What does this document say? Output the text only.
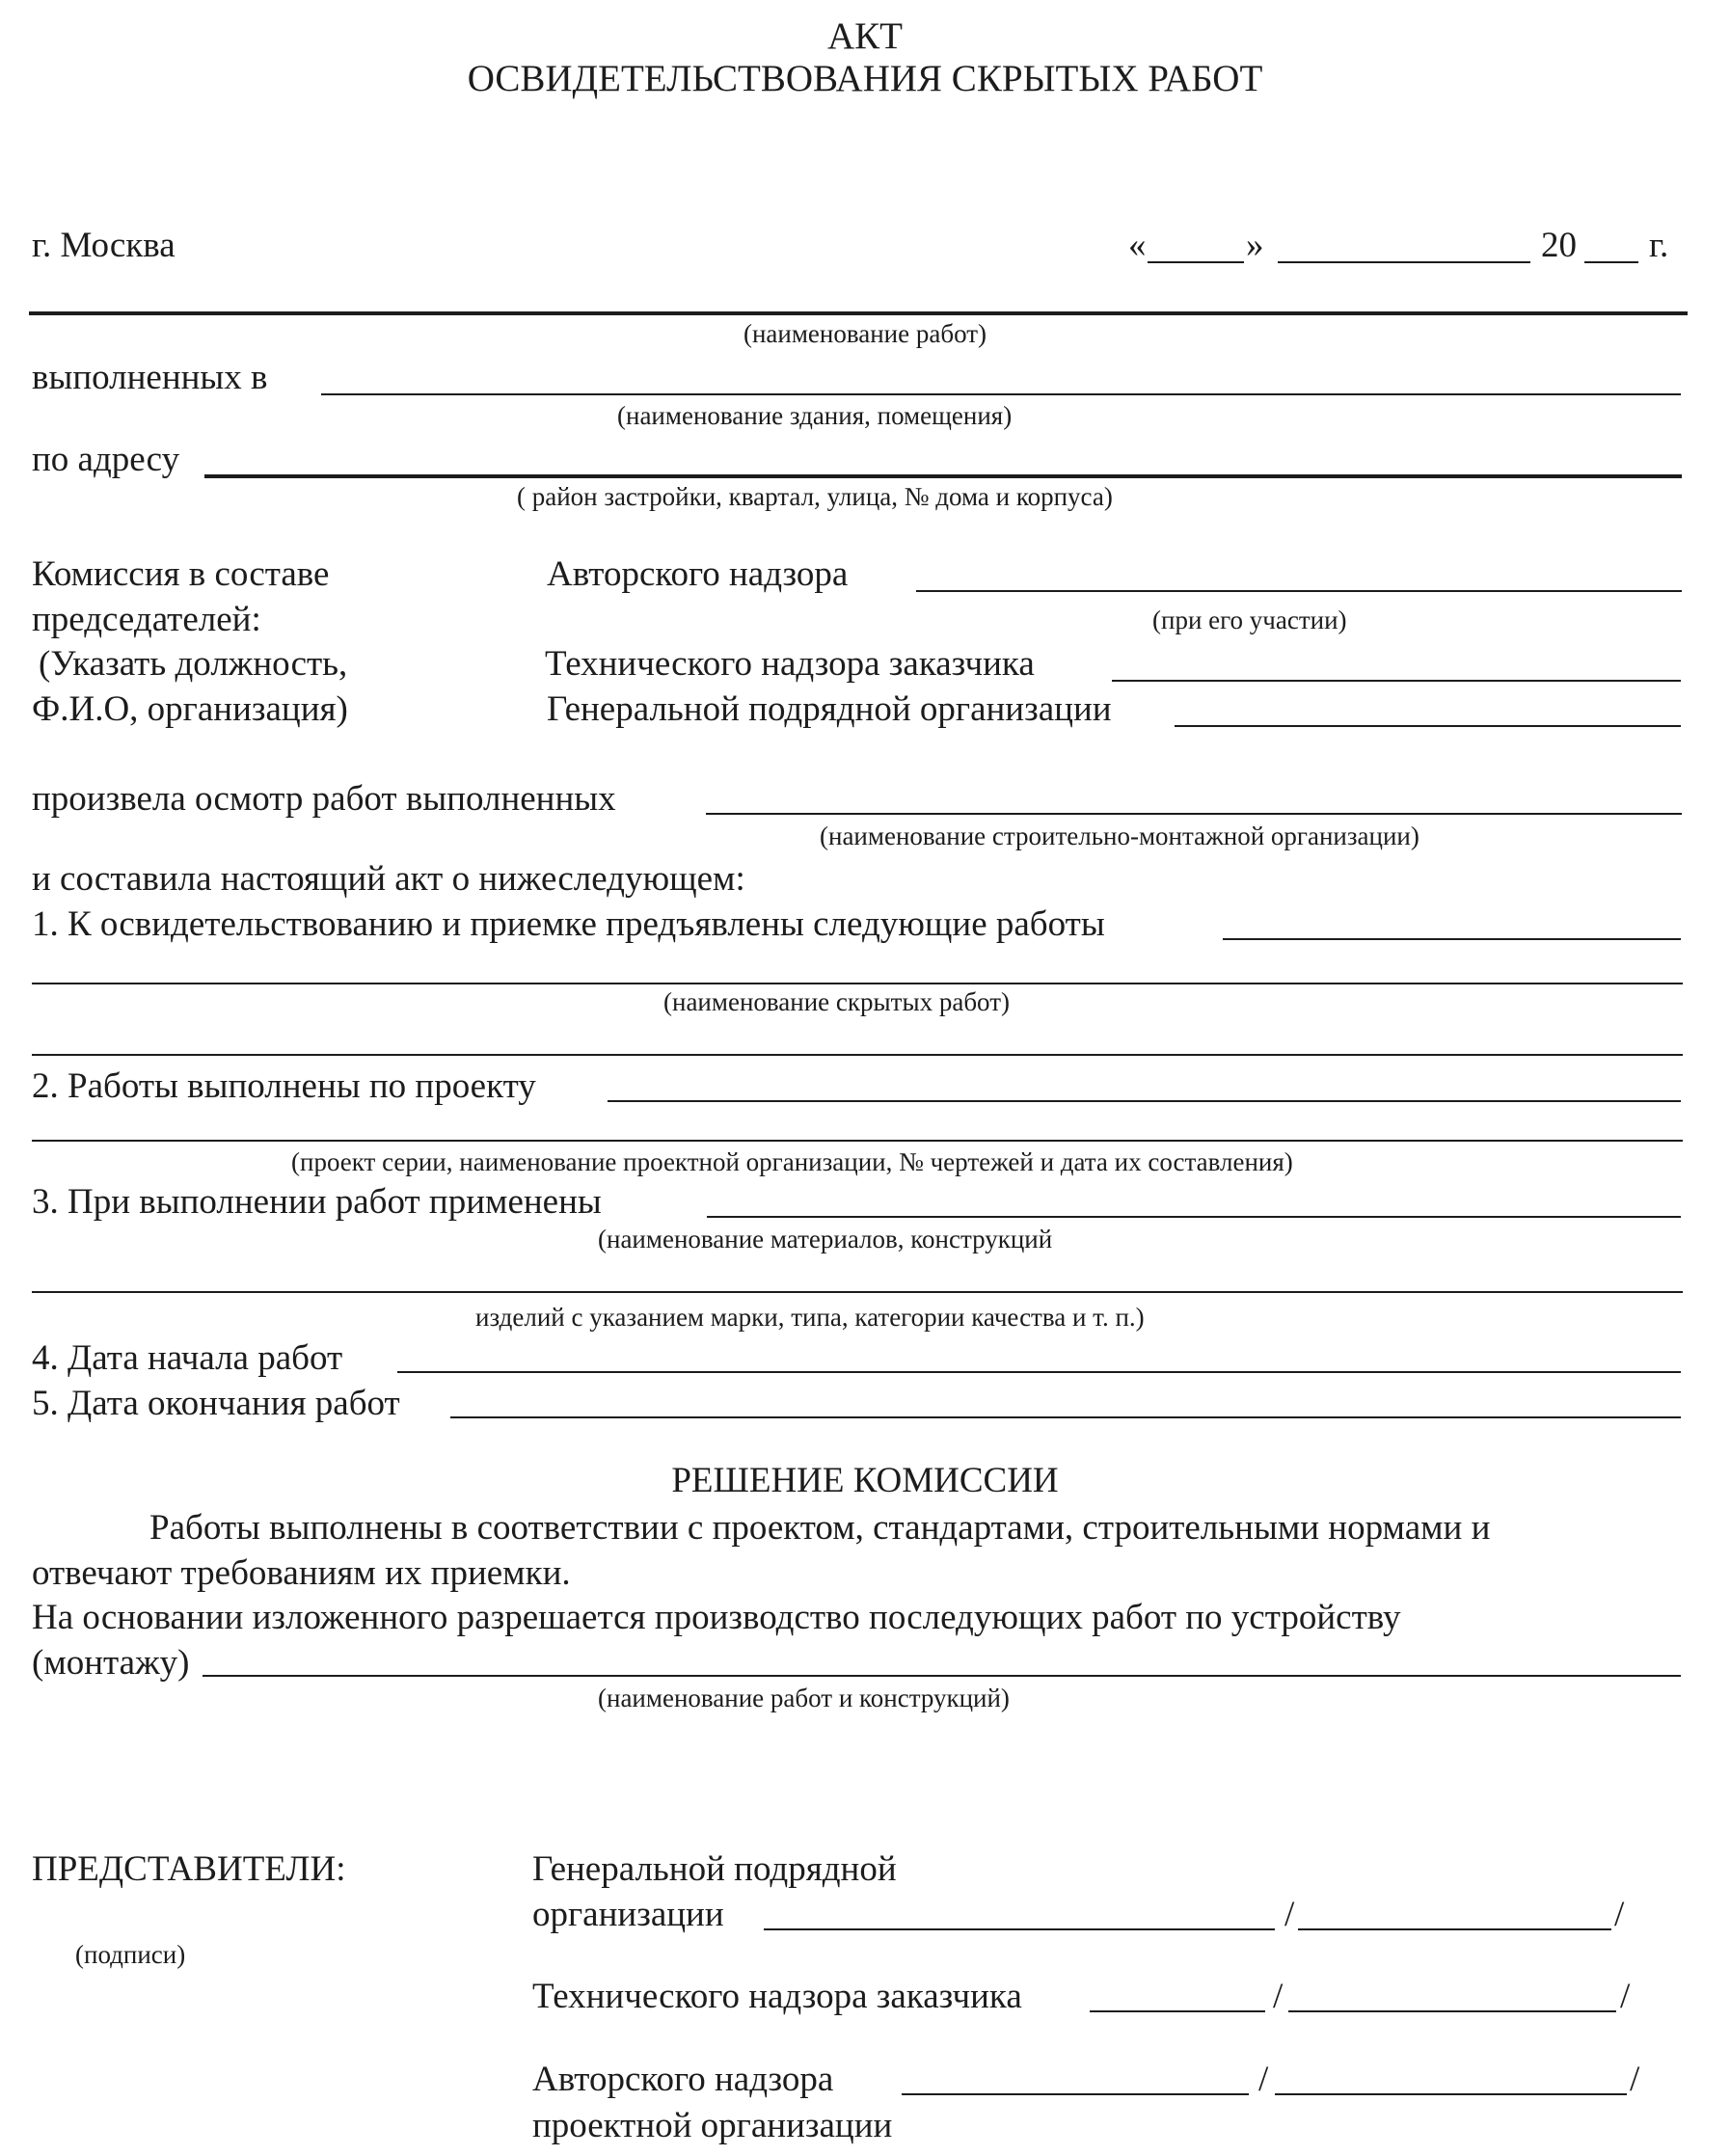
АКТ
ОСВИДЕТЕЛЬСТВОВАНИЯ СКРЫТЫХ РАБОТ
г. Москва	«	»	20 г.
(наименование работ)
выполненных в
(наименование здания, помещения)
по адресу
( район застройки, квартал, улица, № дома и корпуса)
Комиссия в составе
председателей:
(Указать должность,
Ф.И.О, организация)
Авторского надзора
(при его участии)
Технического надзора заказчика
Генеральной подрядной организации
произвела осмотр работ выполненных
(наименование строительно-монтажной организации)
и составила настоящий акт о нижеследующем:
1. К освидетельствованию и приемке предъявлены следующие работы
(наименование скрытых работ)
2. Работы выполнены по проекту
(проект серии, наименование проектной организации, № чертежей и дата их составления)
3. При выполнении работ применены
(наименование материалов, конструкций
изделий с указанием марки, типа, категории качества и т. п.)
4. Дата начала работ
5. Дата окончания работ
РЕШЕНИЕ КОМИССИИ
Работы выполнены в соответствии с проектом, стандартами, строительными нормами и
отвечают требованиям их приемки.
На основании изложенного разрешается производство последующих работ по устройству
(монтажу)
(наименование работ и конструкций)
ПРЕДСТАВИТЕЛИ:
(подписи)
Генеральной подрядной
организации	/	/
Технического надзора заказчика	/	/
Авторского надзора	/	/
проектной организации
